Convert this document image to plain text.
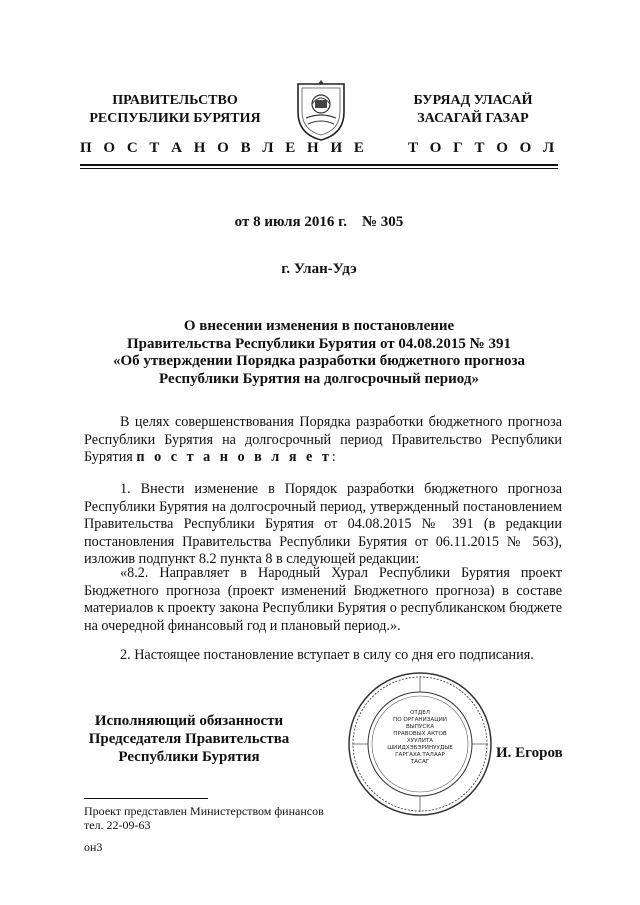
ПРАВИТЕЛЬСТВО
РЕСПУБЛИКИ БУРЯТИЯ
БУРЯАД УЛАСАЙ
ЗАСАГАЙ ГАЗАР
П О С Т А Н О В Л Е Н И Е	Т О Г Т О О Л
от 8 июля 2016 г.    № 305
г. Улан-Удэ
О внесении изменения в постановление
Правительства Республики Бурятия от 04.08.2015 № 391
«Об утверждении Порядка разработки бюджетного прогноза
Республики Бурятия на долгосрочный период»
В целях совершенствования Порядка разработки бюджетного прогноза Республики Бурятия на долгосрочный период Правительство Республики Бурятия п о с т а н о в л я е т:
1. Внести изменение в Порядок разработки бюджетного прогноза Республики Бурятия на долгосрочный период, утвержденный постановлением Правительства Республики Бурятия от 04.08.2015 № 391 (в редакции постановления Правительства Республики Бурятия от 06.11.2015 № 563), изложив подпункт 8.2 пункта 8 в следующей редакции:
«8.2. Направляет в Народный Хурал Республики Бурятия проект Бюджетного прогноза (проект изменений Бюджетного прогноза) в составе материалов к проекту закона Республики Бурятия о республиканском бюджете на очередной финансовый год и плановый период.».
2. Настоящее постановление вступает в силу со дня его подписания.
Исполняющий обязанности
Председателя Правительства
Республики Бурятия	И. Егоров
ОТДЕЛ
ПО ОРГАНИЗАЦИИ
ВЫПУСКА
ПРАВОВЫХ АКТОВ
ХУУЛИТА
ШИИДХЭБЭРИНУУДЫЕ
ГАРГАХА ТАЛААР
ТАСАГ
Проект представлен Министерством финансов
тел. 22-09-63
он3
